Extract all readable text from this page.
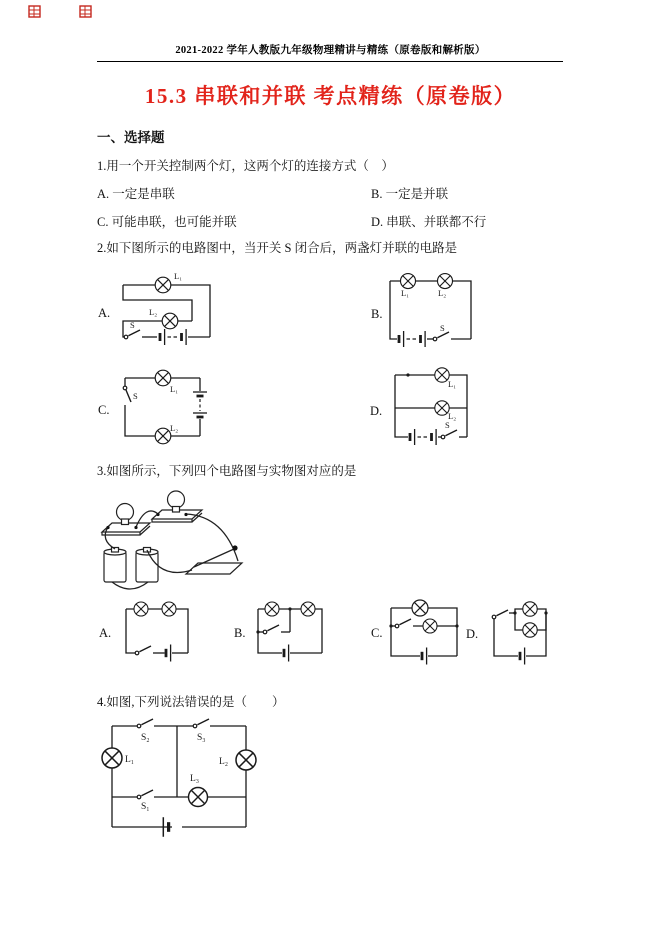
2021-2022 学年人教版九年级物理精讲与精练（原卷版和解析版）
15.3 串联和并联 考点精练（原卷版）
一、选择题
1.用一个开关控制两个灯，这两个灯的连接方式（　）
A. 一定是串联	B. 一定是并联
C. 可能串联，也可能并联	D. 串联、并联都不行
2.如下图所示的电路图中，当开关 S 闭合后，两盏灯并联的电路是
A.	B.
C.	D.
L₁
L₂
S
L₁	L₂
S
L₁
L₂
S
L₁
L₂
S
3.如图所示，下列四个电路图与实物图对应的是
A.	B.	C.	D.
4.如图,下列说法错误的是（　　）
S₂	S₃
S₁
L₁	L₂
L₃
